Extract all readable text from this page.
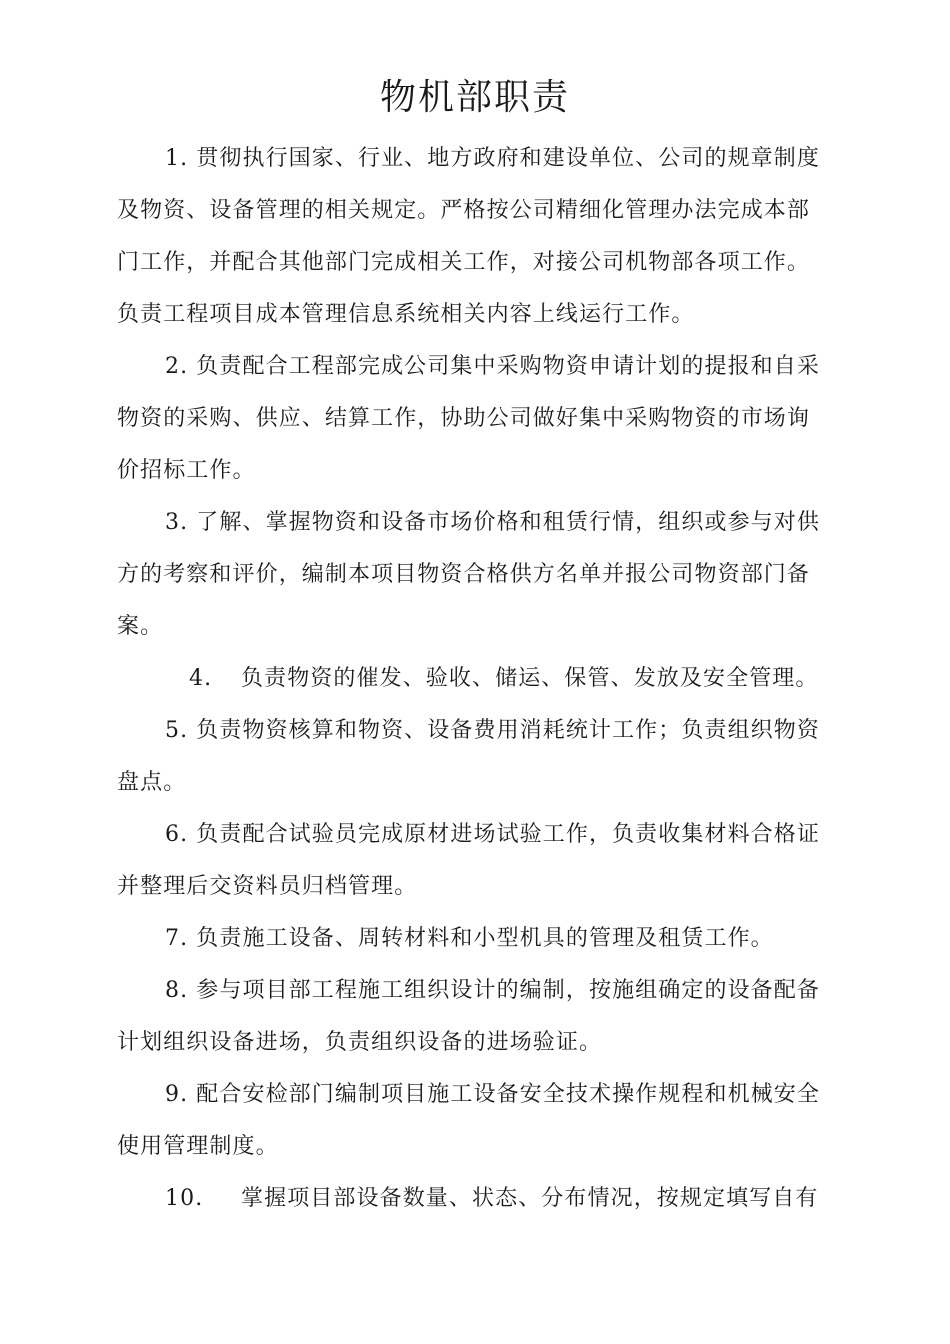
物机部职责
1. 贯彻执行国家、行业、地方政府和建设单位、公司的规章制度
及物资、设备管理的相关规定。严格按公司精细化管理办法完成本部
门工作，并配合其他部门完成相关工作，对接公司机物部各项工作。
负责工程项目成本管理信息系统相关内容上线运行工作。
2. 负责配合工程部完成公司集中采购物资申请计划的提报和自采
物资的采购、供应、结算工作，协助公司做好集中采购物资的市场询
价招标工作。
3. 了解、掌握物资和设备市场价格和租赁行情，组织或参与对供
方的考察和评价，编制本项目物资合格供方名单并报公司物资部门备
案。
4. 负责物资的催发、验收、储运、保管、发放及安全管理。
5. 负责物资核算和物资、设备费用消耗统计工作；负责组织物资
盘点。
6. 负责配合试验员完成原材进场试验工作，负责收集材料合格证
并整理后交资料员归档管理。
7. 负责施工设备、周转材料和小型机具的管理及租赁工作。
8. 参与项目部工程施工组织设计的编制，按施组确定的设备配备
计划组织设备进场，负责组织设备的进场验证。
9. 配合安检部门编制项目施工设备安全技术操作规程和机械安全
使用管理制度。
10. 掌握项目部设备数量、状态、分布情况，按规定填写自有
